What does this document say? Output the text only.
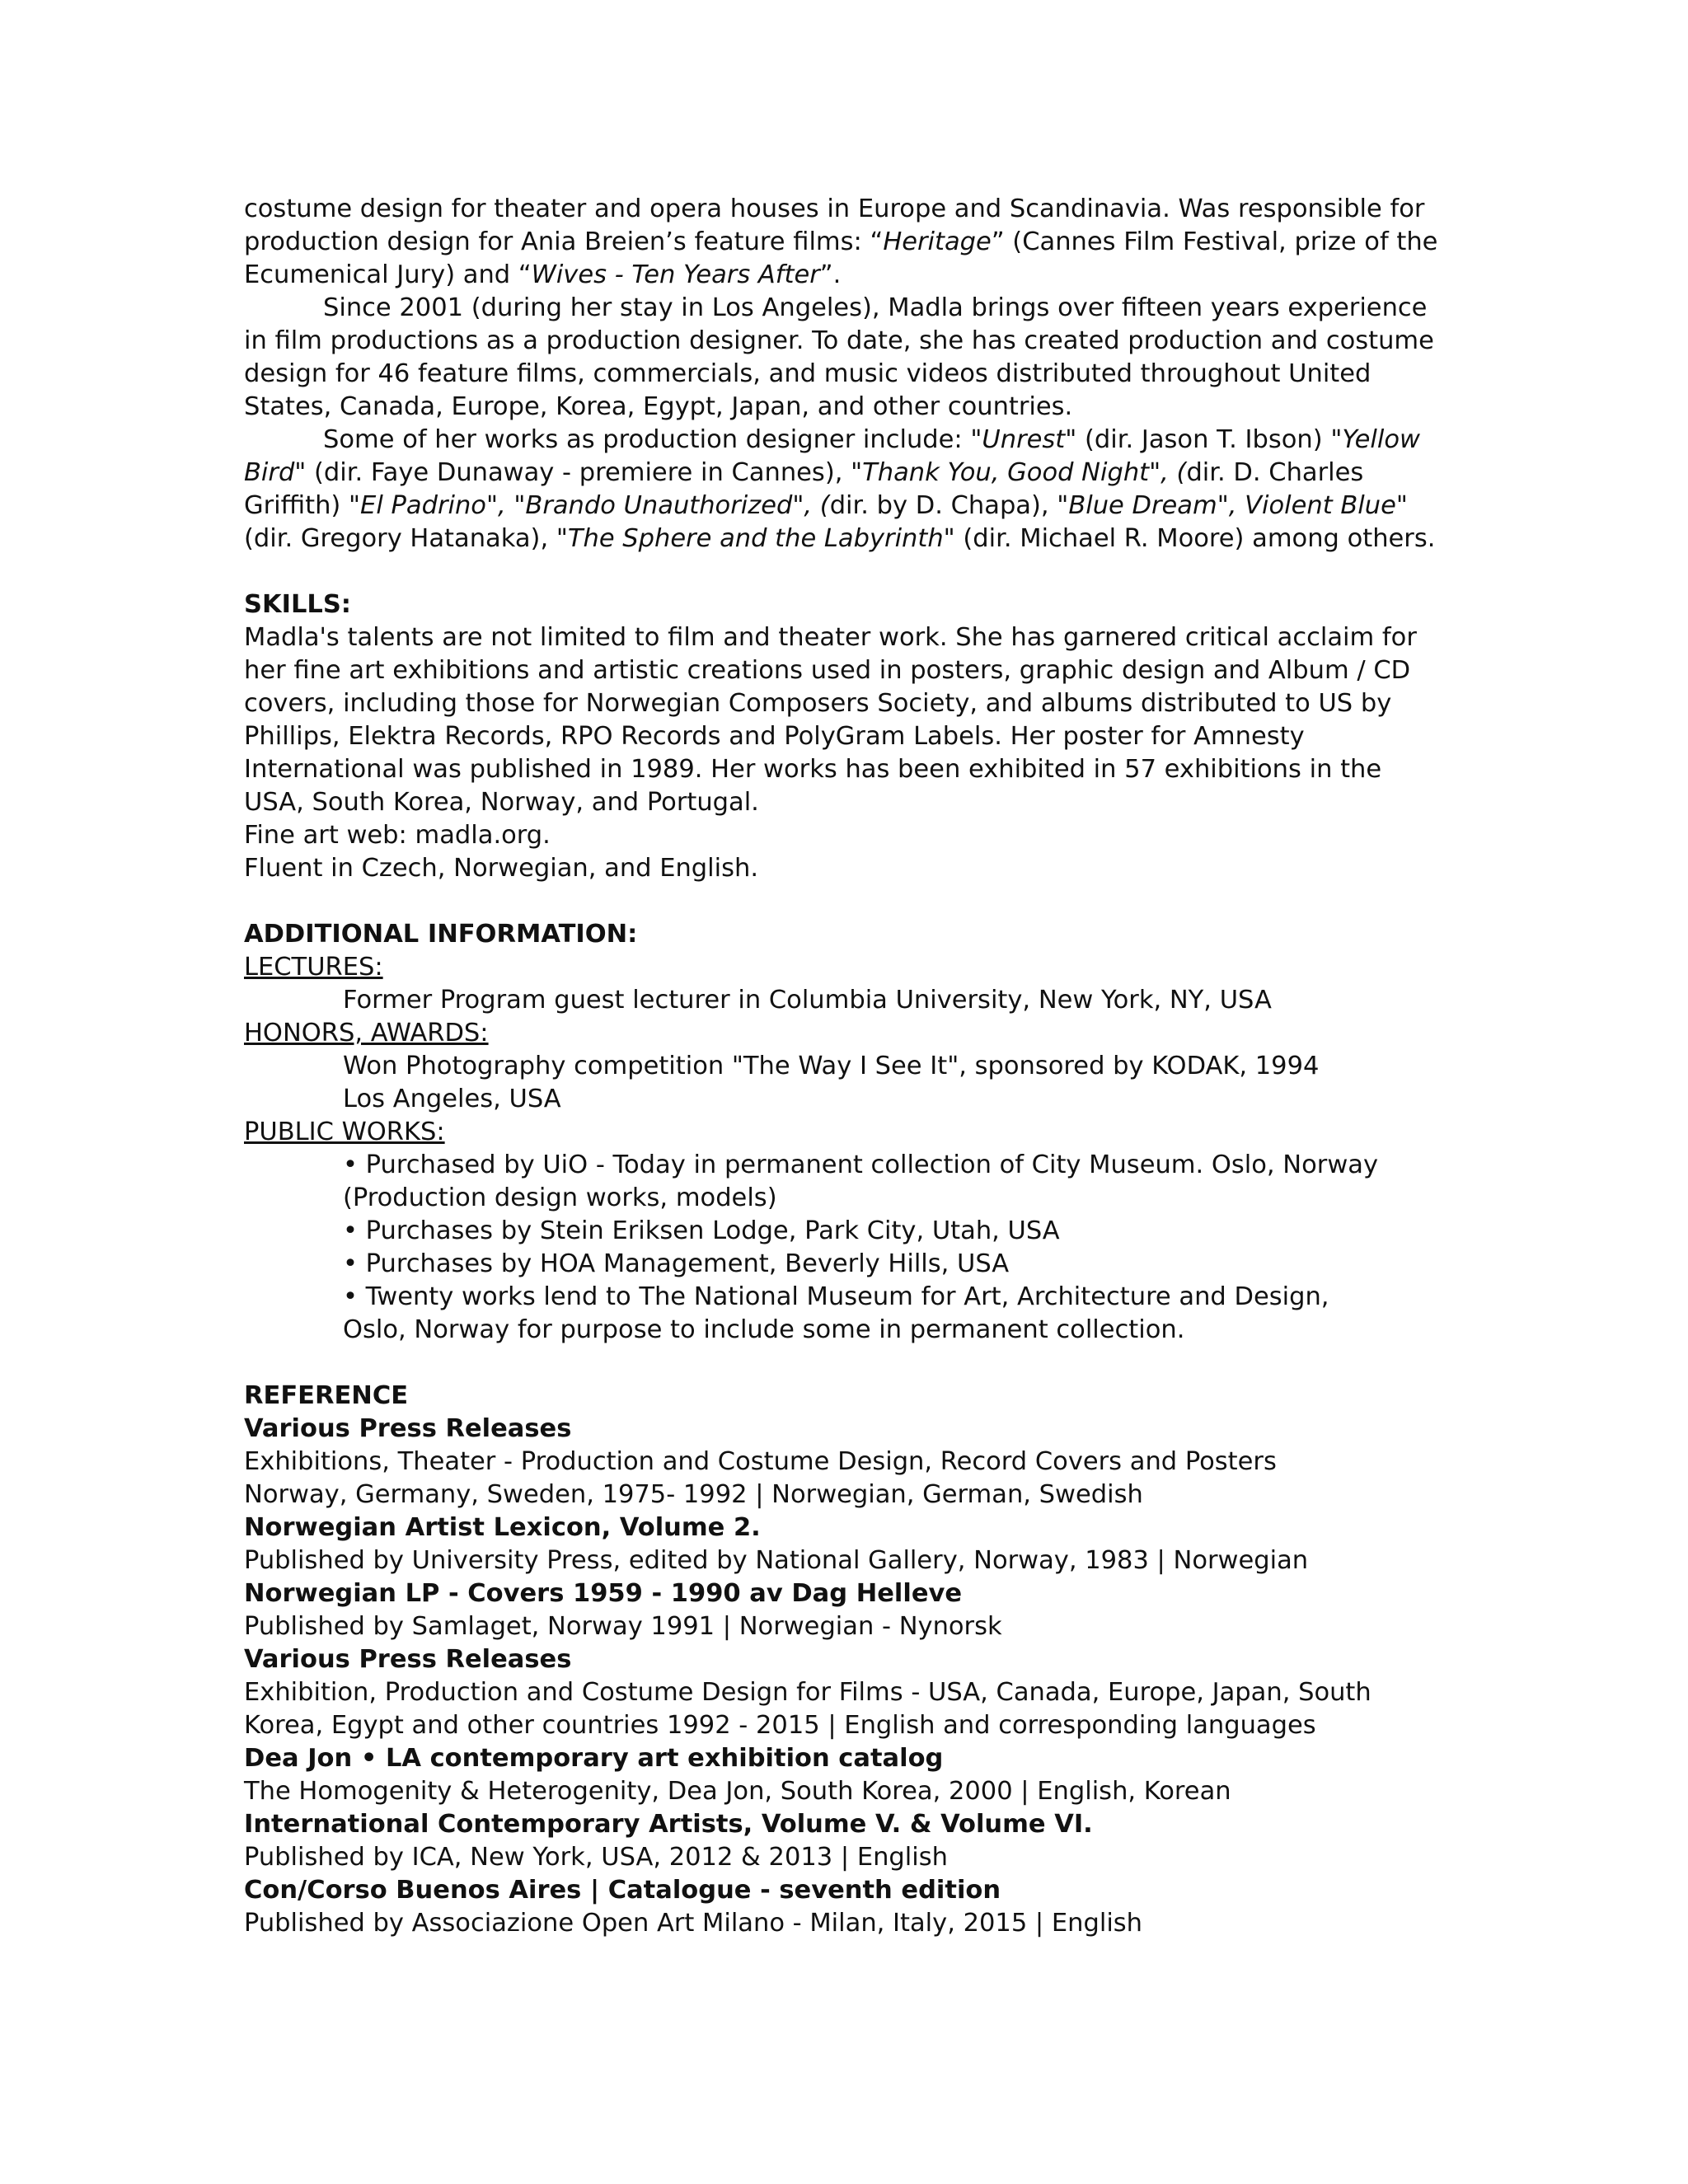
costume design for theater and opera houses in Europe and Scandinavia. Was responsible for production design for Ania Breien’s feature films: “Heritage” (Cannes Film Festival, prize of the Ecumenical Jury) and “Wives - Ten Years After”.

Since 2001 (during her stay in Los Angeles), Madla brings over fifteen years experience in film productions as a production designer. To date, she has created production and costume design for 46 feature films, commercials, and music videos distributed throughout United States, Canada, Europe, Korea, Egypt, Japan, and other countries.

Some of her works as production designer include: "Unrest" (dir. Jason T. Ibson) "Yellow Bird" (dir. Faye Dunaway - premiere in Cannes), "Thank You, Good Night", (dir. D. Charles Griffith) "El Padrino", "Brando Unauthorized", (dir. by D. Chapa), "Blue Dream", Violent Blue" (dir. Gregory Hatanaka), "The Sphere and the Labyrinth" (dir. Michael R. Moore) among others.

SKILLS:

Madla's talents are not limited to film and theater work. She has garnered critical acclaim for her fine art exhibitions and artistic creations used in posters, graphic design and Album / CD covers, including those for Norwegian Composers Society, and albums distributed to US by Phillips, Elektra Records, RPO Records and PolyGram Labels. Her poster for Amnesty International was published in 1989. Her works has been exhibited in 57 exhibitions in the USA, South Korea, Norway, and Portugal.

Fine art web: madla.org.

Fluent in Czech, Norwegian, and English.

ADDITIONAL INFORMATION:

LECTURES:

Former Program guest lecturer in Columbia University, New York, NY, USA

HONORS, AWARDS:

Won Photography competition "The Way I See It", sponsored by KODAK, 1994

Los Angeles, USA

PUBLIC WORKS:

• Purchased by UiO - Today in permanent collection of City Museum. Oslo, Norway

(Production design works, models)

• Purchases by Stein Eriksen Lodge, Park City, Utah, USA

• Purchases by HOA Management, Beverly Hills, USA

• Twenty works lend to The National Museum for Art, Architecture and Design,

Oslo, Norway for purpose to include some in permanent collection.

REFERENCE

Various Press Releases

Exhibitions, Theater - Production and Costume Design, Record Covers and Posters

Norway, Germany, Sweden, 1975- 1992 | Norwegian, German, Swedish

Norwegian Artist Lexicon, Volume 2.

Published by University Press, edited by National Gallery, Norway, 1983 | Norwegian

Norwegian LP - Covers 1959 - 1990 av Dag Helleve

Published by Samlaget, Norway 1991 | Norwegian - Nynorsk

Various Press Releases

Exhibition, Production and Costume Design for Films - USA, Canada, Europe, Japan, South Korea, Egypt and other countries 1992 - 2015 | English and corresponding languages

Dea Jon • LA contemporary art exhibition catalog

The Homogenity & Heterogenity, Dea Jon, South Korea, 2000 | English, Korean

International Contemporary Artists, Volume V. & Volume VI.

Published by ICA, New York, USA, 2012 & 2013 | English

Con/Corso Buenos Aires | Catalogue - seventh edition

Published by Associazione Open Art Milano - Milan, Italy, 2015 | English
